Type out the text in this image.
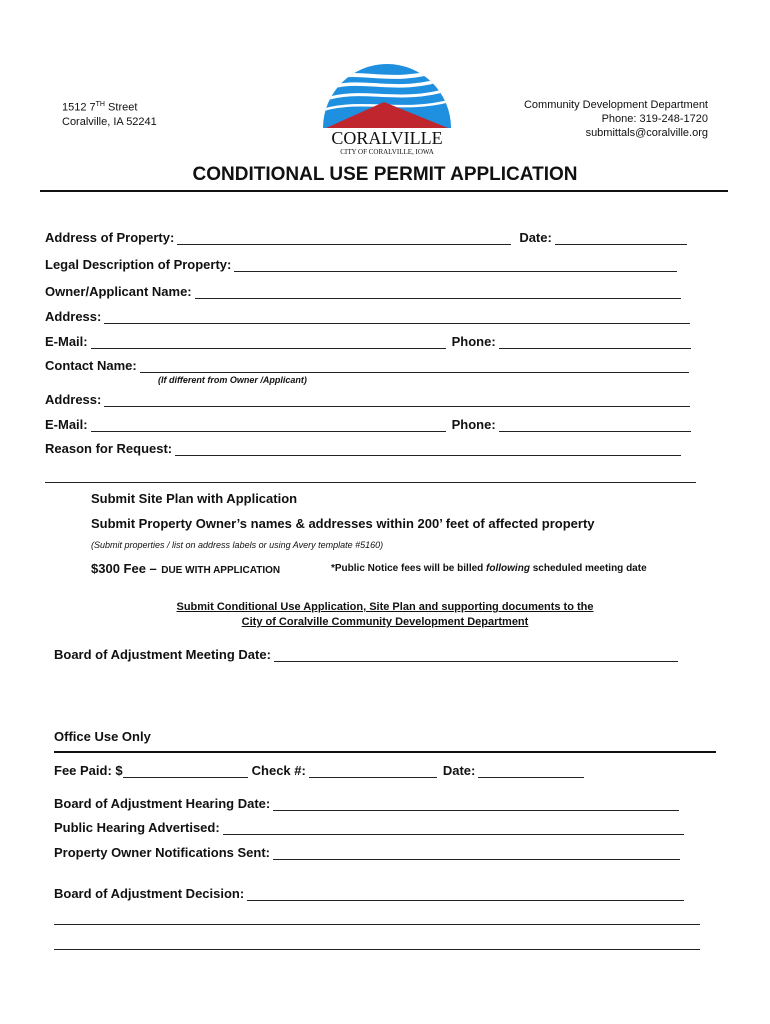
1512 7TH Street
Coralville, IA 52241
CORALVILLE
CITY OF CORALVILLE, IOWA
Community Development Department
Phone: 319-248-1720
submittals@coralville.org
CONDITIONAL USE PERMIT APPLICATION
Address of Property:	Date:
Legal Description of Property:
Owner/Applicant Name:
Address:
E-Mail:	Phone:
Contact Name:
(If different from Owner /Applicant)
Address:
E-Mail:	Phone:
Reason for Request:
Submit Site Plan with Application
Submit Property Owner’s names & addresses within 200’ feet of affected property
(Submit properties / list on address labels or using Avery template #5160)
$300 Fee – DUE WITH APPLICATION	*Public Notice fees will be billed following scheduled meeting date
Submit Conditional Use Application, Site Plan and supporting documents to the
City of Coralville Community Development Department
Board of Adjustment Meeting Date:
Office Use Only
Fee Paid: $	Check #:	Date:
Board of Adjustment Hearing Date:
Public Hearing Advertised:
Property Owner Notifications Sent:
Board of Adjustment Decision:
